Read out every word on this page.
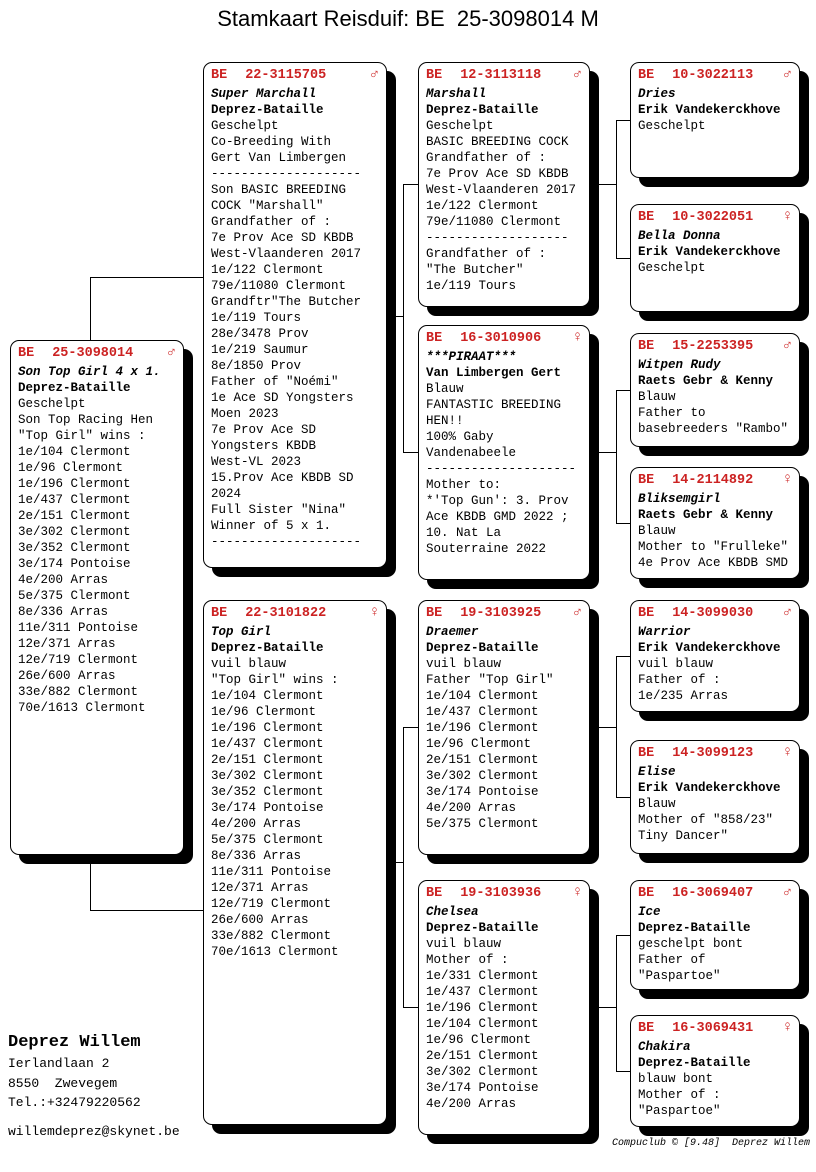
Stamkaart Reisduif: BE  25-3098014 M
BE 25-3098014 ♂
Son Top Girl 4 x 1.
Deprez-Bataille
Geschelpt
Son Top Racing Hen
"Top Girl" wins :
1e/104 Clermont
1e/96 Clermont
1e/196 Clermont
1e/437 Clermont
2e/151 Clermont
3e/302 Clermont
3e/352 Clermont
3e/174 Pontoise
4e/200 Arras
5e/375 Clermont
8e/336 Arras
11e/311 Pontoise
12e/371 Arras
12e/719 Clermont
26e/600 Arras
33e/882 Clermont
70e/1613 Clermont
BE 22-3115705	♂
Super Marchall
Deprez-Bataille
Geschelpt
Co-Breeding With
Gert Van Limbergen
--------------------
Son BASIC BREEDING
COCK "Marshall"
Grandfather of :
7e Prov Ace SD KBDB
West-Vlaanderen 2017
1e/122 Clermont
79e/11080 Clermont
Grandftr"The Butcher
1e/119 Tours
28e/3478 Prov
1e/219 Saumur
8e/1850 Prov
Father of "Noémi"
1e Ace SD Yongsters
Moen 2023
7e Prov Ace SD
Yongsters KBDB
West-VL 2023
15.Prov Ace KBDB SD
2024
Full Sister "Nina"
Winner of 5 x 1.
--------------------
BE 22-3101822	♀
Top Girl
Deprez-Bataille
vuil blauw
"Top Girl" wins :
1e/104 Clermont
1e/96 Clermont
1e/196 Clermont
1e/437 Clermont
2e/151 Clermont
3e/302 Clermont
3e/352 Clermont
3e/174 Pontoise
4e/200 Arras
5e/375 Clermont
8e/336 Arras
11e/311 Pontoise
12e/371 Arras
12e/719 Clermont
26e/600 Arras
33e/882 Clermont
70e/1613 Clermont
BE 12-3113118 ♂
Marshall
Deprez-Bataille
Geschelpt
BASIC BREEDING COCK
Grandfather of :
7e Prov Ace SD KBDB
West-Vlaanderen 2017
1e/122 Clermont
79e/11080 Clermont
-------------------
Grandfather of :
"The Butcher"
1e/119 Tours
BE 16-3010906 ♀
***PIRAAT***
Van Limbergen Gert
Blauw
FANTASTIC BREEDING
HEN!!
100% Gaby
Vandenabeele
--------------------
Mother to:
*'Top Gun': 3. Prov
Ace KBDB GMD 2022 ;
10. Nat La
Souterraine 2022
BE 19-3103925 ♂
Draemer
Deprez-Bataille
vuil blauw
Father "Top Girl"
1e/104 Clermont
1e/437 Clermont
1e/196 Clermont
1e/96 Clermont
2e/151 Clermont
3e/302 Clermont
3e/174 Pontoise
4e/200 Arras
5e/375 Clermont
BE 19-3103936 ♀
Chelsea
Deprez-Bataille
vuil blauw
Mother of :
1e/331 Clermont
1e/437 Clermont
1e/196 Clermont
1e/104 Clermont
1e/96 Clermont
2e/151 Clermont
3e/302 Clermont
3e/174 Pontoise
4e/200 Arras
BE 10-3022113 ♂
Dries
Erik Vandekerckhove
Geschelpt
BE 10-3022051 ♀
Bella Donna
Erik Vandekerckhove
Geschelpt
BE 15-2253395 ♂
Witpen Rudy
Raets Gebr & Kenny
Blauw
Father to
basebreeders "Rambo"
BE 14-2114892 ♀
Bliksemgirl
Raets Gebr & Kenny
Blauw
Mother to "Frulleke"
4e Prov Ace KBDB SMD
BE 14-3099030 ♂
Warrior
Erik Vandekerckhove
vuil blauw
Father of :
1e/235 Arras
BE 14-3099123 ♀
Elise
Erik Vandekerckhove
Blauw
Mother of "858/23"
Tiny Dancer"
BE 16-3069407 ♂
Ice
Deprez-Bataille
geschelpt bont
Father of
"Paspartoe"
BE 16-3069431 ♀
Chakira
Deprez-Bataille
blauw bont
Mother of :
"Paspartoe"
Deprez Willem
Ierlandlaan 2
8550  Zwevegem
Tel.:+32479220562
willemdeprez@skynet.be
Compuclub © [9.48]  Deprez Willem
